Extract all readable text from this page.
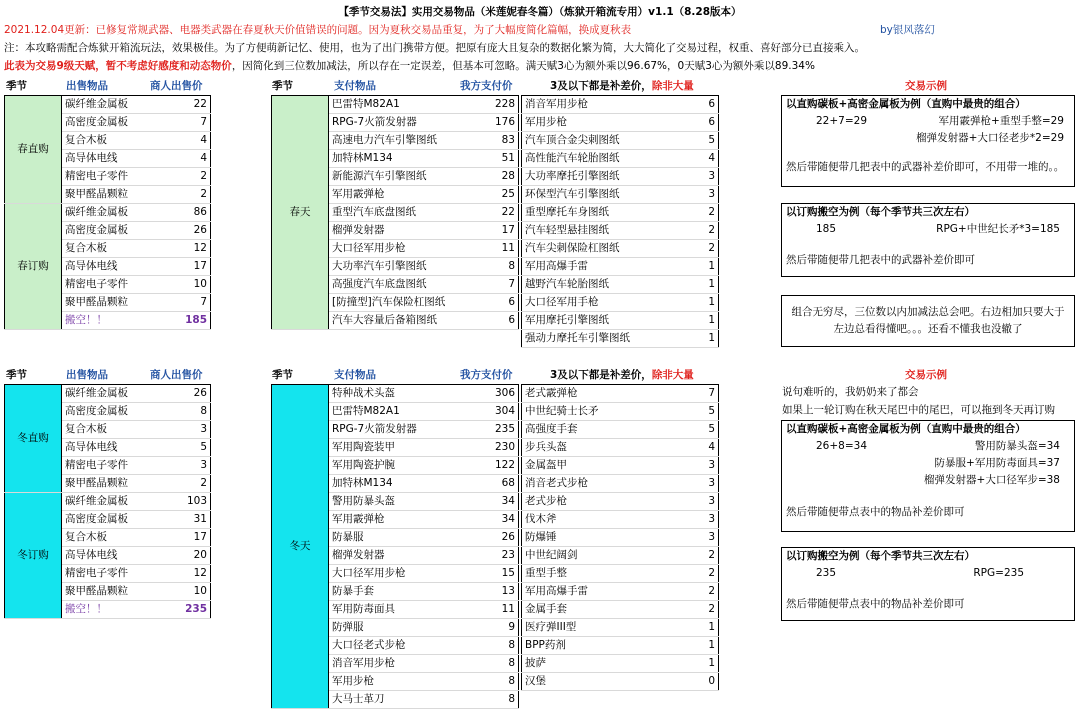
【季节交易法】实用交易物品（米莲妮春冬篇）（炼狱开箱流专用）v1.1（8.28版本）
2021.12.04更新：已修复常规武器、电器类武器在春夏秋天价值错误的问题。因为夏秋交易品重复，为了大幅度简化篇幅，换成夏秋表	by银风落幻
注：本攻略需配合炼狱开箱流玩法，效果极佳。为了方便萌新记忆、使用，也为了出门携带方便。把原有庞大且复杂的数据化繁为简，大大简化了交易过程，权重、喜好部分已直接乘入。
此表为交易9级天赋，暂不考虑好感度和动态物价，因简化到三位数加减法，所以存在一定误差，但基本可忽略。满天赋3心为额外乘以96.67%，0天赋3心为额外乘以89.34%
季节	出售物品	商人出售价	季节	支付物品	我方支付价	3及以下都是补差价，除非大量	交易示例
春直购	碳纤维金属板	22
	高密度金属板	7
	复合木板	4
	高导体电线	4
	精密电子零件	2
	聚甲醛晶颗粒	2
春订购	碳纤维金属板	86
	高密度金属板	26
	复合木板	12
	高导体电线	17
	精密电子零件	10
	聚甲醛晶颗粒	7
	搬空！！	185
春天	巴雷特M82A1	228
	RPG-7火箭发射器	176
	高速电力汽车引擎图纸	83
	加特林M134	51
	新能源汽车引擎图纸	28
	军用霰弹枪	25
	重型汽车底盘图纸	22
	榴弹发射器	17
	大口径军用步枪	11
	大功率汽车引擎图纸	8
	高强度汽车底盘图纸	7
	[防撞型]汽车保险杠图纸	6
	汽车大容量后备箱图纸	6
消音军用步枪	6
军用步枪	6
汽车顶合金尖刺图纸	5
高性能汽车轮胎图纸	4
大功率摩托引擎图纸	3
环保型汽车引擎图纸	3
重型摩托车身图纸	2
汽车轻型悬挂图纸	2
汽车尖刺保险杠图纸	2
军用高爆手雷	1
越野汽车轮胎图纸	1
大口径军用手枪	1
军用摩托引擎图纸	1
强动力摩托车引擎图纸	1
以直购碳板+高密金属板为例（直购中最贵的组合）
22+7=29	军用霰弹枪+重型手整=29
榴弹发射器+大口径老步*2=29
然后带随便带几把表中的武器补差价即可，不用带一堆的。。
以订购搬空为例（每个季节共三次左右）
185	RPG+中世纪长矛*3=185
然后带随便带几把表中的武器补差价即可
组合无穷尽，三位数以内加减法总会吧。右边相加只要大于左边总看得懂吧。。。还看不懂我也没辙了
季节	出售物品	商人出售价	季节	支付物品	我方支付价	3及以下都是补差价，除非大量	交易示例
冬直购	碳纤维金属板	26
	高密度金属板	8
	复合木板	3
	高导体电线	5
	精密电子零件	3
	聚甲醛晶颗粒	2
冬订购	碳纤维金属板	103
	高密度金属板	31
	复合木板	17
	高导体电线	20
	精密电子零件	12
	聚甲醛晶颗粒	10
	搬空！！	235
冬天	特种战术头盔	306
	巴雷特M82A1	304
	RPG-7火箭发射器	235
	军用陶瓷装甲	230
	军用陶瓷护腕	122
	加特林M134	68
	警用防暴头盔	34
	军用霰弹枪	34
	防暴服	26
	榴弹发射器	23
	大口径军用步枪	15
	防暴手套	13
	军用防毒面具	11
	防弹服	9
	大口径老式步枪	8
	消音军用步枪	8
	军用步枪	8
	大马士革刀	8
老式霰弹枪	7
中世纪骑士长矛	5
高强度手套	5
步兵头盔	4
金属盔甲	3
消音老式步枪	3
老式步枪	3
伐木斧	3
防爆锤	3
中世纪阔剑	2
重型手整	2
军用高爆手雷	2
金属手套	2
医疗弹III型	1
BPP药剂	1
披萨	1
汉堡	0
说句难听的，我奶奶来了都会
如果上一轮订购在秋天尾巴中的尾巴，可以拖到冬天再订购
以直购碳板+高密金属板为例（直购中最贵的组合）
26+8=34	警用防暴头盔=34
防暴服+军用防毒面具=37
榴弹发射器+大口径军步=38
然后带随便带点表中的物品补差价即可
以订购搬空为例（每个季节共三次左右）
235	RPG=235
然后带随便带点表中的物品补差价即可
